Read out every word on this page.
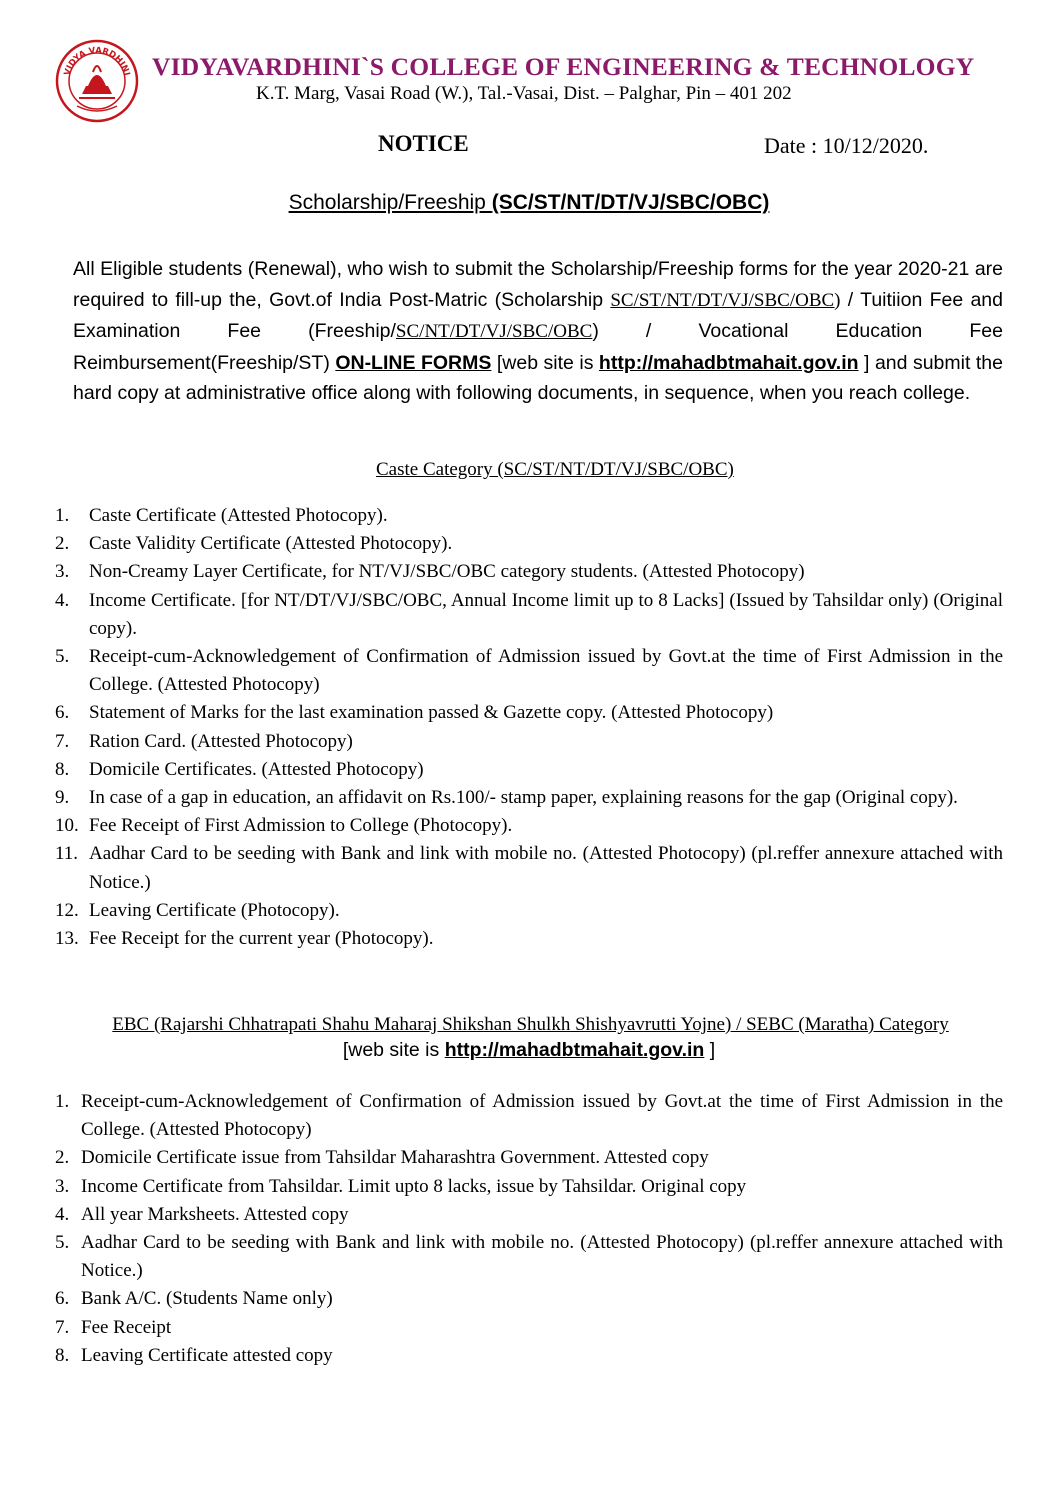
VIDYA VARDHINI VIDYAVARDHINI`S COLLEGE OF ENGINEERING & TECHNOLOGY
K.T. Marg, Vasai Road (W.), Tal.-Vasai, Dist. – Palghar, Pin – 401 202
NOTICE	Date : 10/12/2020.
Scholarship/Freeship (SC/ST/NT/DT/VJ/SBC/OBC)
All Eligible students (Renewal), who wish to submit the Scholarship/Freeship forms for the year 2020-21 are required to fill-up the, Govt.of India Post-Matric (Scholarship SC/ST/NT/DT/VJ/SBC/OBC) / Tuitiion Fee and Examination Fee (Freeship/SC/NT/DT/VJ/SBC/OBC) / Vocational Education Fee Reimbursement(Freeship/ST) ON-LINE FORMS [web site is http://mahadbtmahait.gov.in ] and submit the hard copy at administrative office along with following documents, in sequence, when you reach college.
Caste Category (SC/ST/NT/DT/VJ/SBC/OBC)
1.	Caste Certificate (Attested Photocopy).
2.	Caste Validity Certificate (Attested Photocopy).
3.	Non-Creamy Layer Certificate, for NT/VJ/SBC/OBC category students. (Attested Photocopy)
4.	Income Certificate. [for NT/DT/VJ/SBC/OBC, Annual Income limit up to 8 Lacks] (Issued by Tahsildar only) (Original copy).
5.	Receipt-cum-Acknowledgement of Confirmation of Admission issued by Govt.at the time of First Admission in the College. (Attested Photocopy)
6.	Statement of Marks for the last examination passed & Gazette copy. (Attested Photocopy)
7.	Ration Card. (Attested Photocopy)
8.	Domicile Certificates. (Attested Photocopy)
9.	In case of a gap in education, an affidavit on Rs.100/- stamp paper, explaining reasons for the gap (Original copy).
10. Fee Receipt of First Admission to College (Photocopy).
11. Aadhar Card to be seeding with Bank and link with mobile no. (Attested Photocopy) (pl.reffer annexure attached with Notice.)
12. Leaving Certificate (Photocopy).
13. Fee Receipt for the current year (Photocopy).
EBC (Rajarshi Chhatrapati Shahu Maharaj Shikshan Shulkh Shishyavrutti Yojne) / SEBC (Maratha) Category
[web site is http://mahadbtmahait.gov.in ]
1. Receipt-cum-Acknowledgement of Confirmation of Admission issued by Govt.at the time of First Admission in the College. (Attested Photocopy)
2. Domicile Certificate issue from Tahsildar Maharashtra Government. Attested copy
3. Income Certificate from Tahsildar. Limit upto 8 lacks, issue by Tahsildar. Original copy
4. All year Marksheets. Attested copy
5. Aadhar Card to be seeding with Bank and link with mobile no. (Attested Photocopy) (pl.reffer annexure attached with Notice.)
6. Bank A/C. (Students Name only)
7. Fee Receipt
8. Leaving Certificate attested copy
